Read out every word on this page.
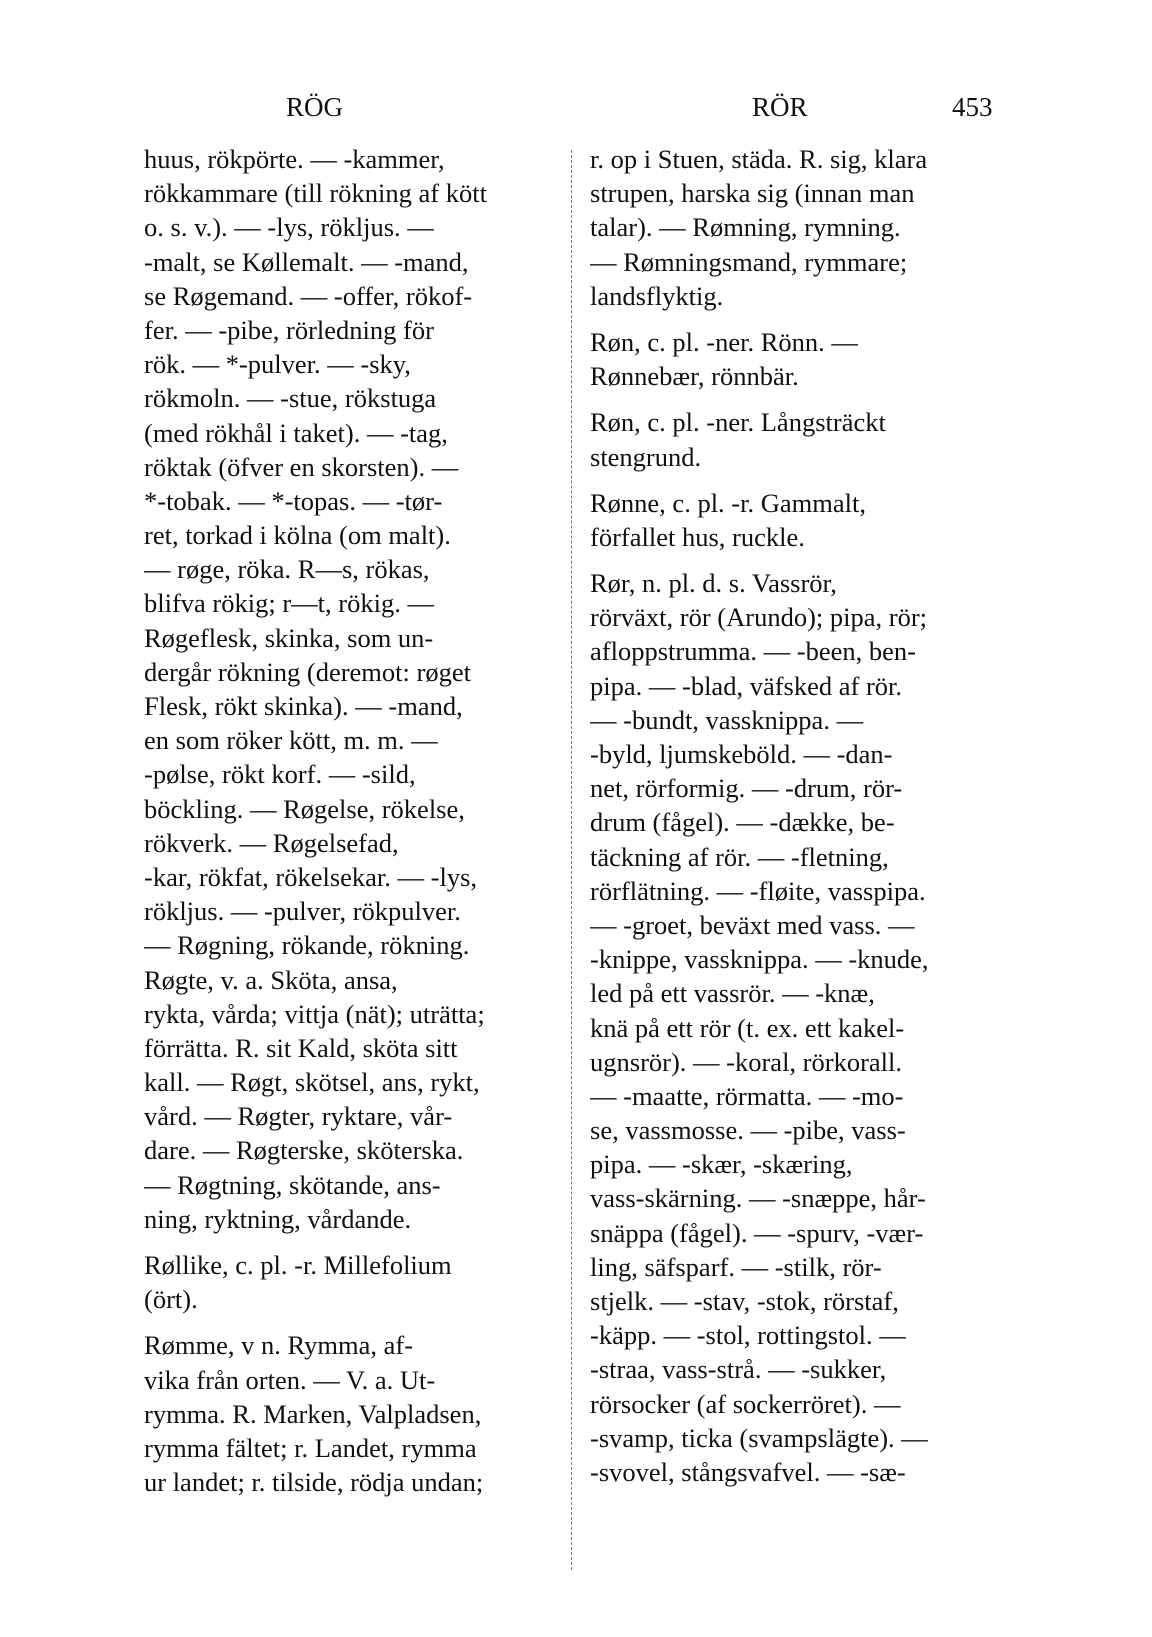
RÖG	RÖR	453
huus, rökpörte. — -kammer,
rökkammare (till rökning af kött
o. s. v.). — -lys, rökljus. —
-malt, se Køllemalt. — -mand,
se Røgemand. — -offer, rökof-
fer. — -pibe, rörledning för
rök. — *-pulver. — -sky,
rökmoln. — -stue, rökstuga
(med rökhål i taket). — -tag,
röktak (öfver en skorsten). —
*-tobak. — *-topas. — -tør-
ret, torkad i kölna (om malt).
— røge, röka. R—s, rökas,
blifva rökig; r—t, rökig. —
Røgeflesk, skinka, som un-
dergår rökning (deremot: røget
Flesk, rökt skinka). — -mand,
en som röker kött, m. m. —
-pølse, rökt korf. — -sild,
böckling. — Røgelse, rökelse,
rökverk. — Røgelsefad,
-kar, rökfat, rökelsekar. — -lys,
rökljus. — -pulver, rökpulver.
— Røgning, rökande, rökning.
Røgte, v. a. Sköta, ansa,
rykta, vårda; vittja (nät); uträtta;
förrätta. R. sit Kald, sköta sitt
kall. — Røgt, skötsel, ans, rykt,
vård. — Røgter, ryktare, vår-
dare. — Røgterske, sköterska.
— Røgtning, skötande, ans-
ning, ryktning, vårdande.
Røllike, c. pl. -r. Millefolium
(ört).
Rømme, v n. Rymma, af-
vika från orten. — V. a. Ut-
rymma. R. Marken, Valpladsen,
rymma fältet; r. Landet, rymma
ur landet; r. tilside, rödja undan;
r. op i Stuen, städa. R. sig, klara
strupen, harska sig (innan man
talar). — Rømning, rymning.
— Rømningsmand, rymmare;
landsflyktig.
Røn, c. pl. -ner. Rönn. —
Rønnebær, rönnbär.
Røn, c. pl. -ner. Långsträckt
stengrund.
Rønne, c. pl. -r. Gammalt,
förfallet hus, ruckle.
Rør, n. pl. d. s. Vassrör,
rörväxt, rör (Arundo); pipa, rör;
afloppstrumma. — -been, ben-
pipa. — -blad, väfsked af rör.
— -bundt, vassknippa. —
-byld, ljumskeböld. — -dan-
net, rörformig. — -drum, rör-
drum (fågel). — -dække, be-
täckning af rör. — -fletning,
rörflätning. — -fløite, vasspipa.
— -groet, beväxt med vass. —
-knippe, vassknippa. — -knude,
led på ett vassrör. — -knæ,
knä på ett rör (t. ex. ett kakel-
ugnsrör). — -koral, rörkorall.
— -maatte, rörmatta. — -mo-
se, vassmosse. — -pibe, vass-
pipa. — -skær, -skæring,
vass-skärning. — -snæppe, hår-
snäppa (fågel). — -spurv, -vær-
ling, säfsparf. — -stilk, rör-
stjelk. — -stav, -stok, rörstaf,
-käpp. — -stol, rottingstol. —
-straa, vass-strå. — -sukker,
rörsocker (af sockerröret). —
-svamp, ticka (svampslägte). —
-svovel, stångsvafvel. — -sæ-
